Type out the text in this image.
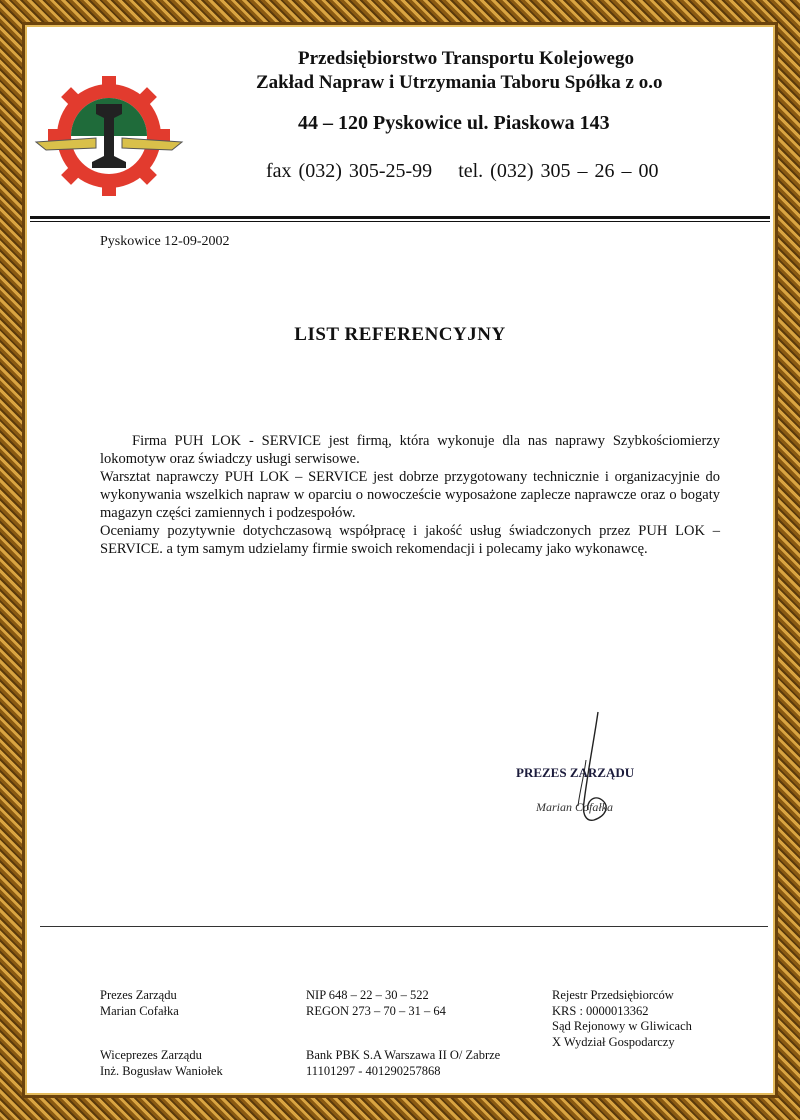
Przedsiębiorstwo Transportu Kolejowego
Zakład Napraw i Utrzymania Taboru Spółka z o.o
44 – 120 Pyskowice ul. Piaskowa 143
fax (032) 305-25-99 tel. (032) 305 – 26 – 00
Pyskowice 12-09-2002
LIST REFERENCYJNY

Firma PUH LOK - SERVICE jest firmą, która wykonuje dla nas naprawy Szybkościomierzy lokomotyw oraz świadczy usługi serwisowe.

Warsztat naprawczy PUH LOK – SERVICE jest dobrze przygotowany technicznie i organizacyjnie do wykonywania wszelkich napraw w oparciu o nowoczeście wyposażone zaplecze naprawcze oraz o bogaty magazyn części zamiennych i podzespołów.

Oceniamy pozytywnie dotychczasową współpracę i jakość usług świadczonych przez PUH LOK – SERVICE. a tym samym udzielamy firmie swoich rekomendacji i polecamy jako wykonawcę.

PREZES ZARZĄDU
Marian Cofałka
Prezes Zarządu
Marian Cofałka
NIP 648 – 22 – 30 – 522
REGON 273 – 70 – 31 – 64
Rejestr Przedsiębiorców
KRS : 0000013362
Sąd Rejonowy w Gliwicach
X Wydział Gospodarczy
Wiceprezes Zarządu
Inż. Bogusław Waniołek
Bank PBK S.A Warszawa II O/ Zabrze
11101297 - 401290257868
